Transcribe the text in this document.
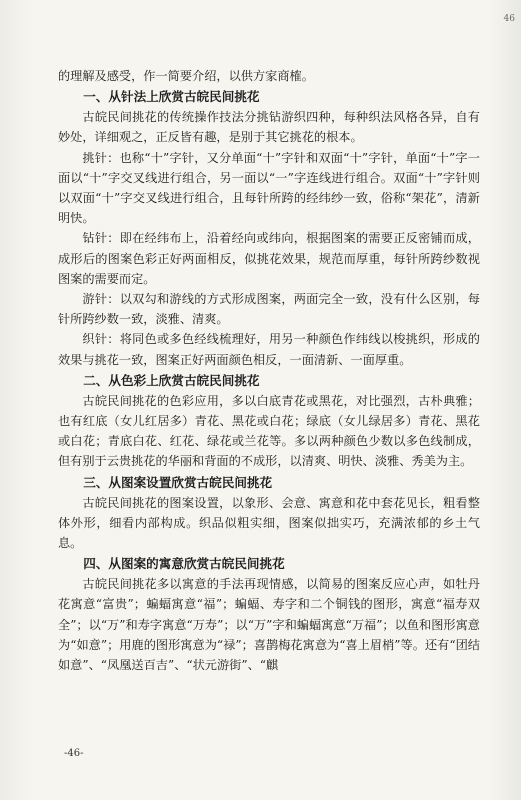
46

的理解及感受，作一简要介绍，以供方家商榷。

一、从针法上欣赏古皖民间挑花

古皖民间挑花的传统操作技法分挑钻游织四种，每种织法风格各异，自有妙处，详细观之，正反皆有趣，是别于其它挑花的根本。

挑针：也称“十”字针，又分单面“十”字针和双面“十”字针，单面“十”字一面以“十”字交叉线进行组合，另一面以“一”字连线进行组合。双面“十”字针则以双面“十”字交叉线进行组合，且每针所跨的经纬纱一致，俗称“架花”，清新明快。

钻针：即在经纬布上，沿着经向或纬向，根据图案的需要正反密铺而成，成形后的图案色彩正好两面相反，似挑花效果，规范而厚重，每针所跨纱数视图案的需要而定。

游针：以双勾和游线的方式形成图案，两面完全一致，没有什么区别，每针所跨纱数一致，淡雅、清爽。

织针：将同色或多色经线梳理好，用另一种颜色作纬线以梭挑织，形成的效果与挑花一致，图案正好两面颜色相反，一面清新、一面厚重。

二、从色彩上欣赏古皖民间挑花

古皖民间挑花的色彩应用，多以白底青花或黑花，对比强烈，古朴典雅；也有红底（女儿红居多）青花、黑花或白花；绿底（女儿绿居多）青花、黑花或白花；青底白花、红花、绿花或兰花等。多以两种颜色少数以多色线制成，但有别于云贵挑花的华丽和背面的不成形，以清爽、明快、淡雅、秀美为主。

三、从图案设置欣赏古皖民间挑花

古皖民间挑花的图案设置，以象形、会意、寓意和花中套花见长，粗看整体外形，细看内部构成。织品似粗实细，图案似拙实巧，充满浓郁的乡土气息。

四、从图案的寓意欣赏古皖民间挑花

古皖民间挑花多以寓意的手法再现情感，以简易的图案反应心声，如牡丹花寓意“富贵”；蝙蝠寓意“福”；蝙蝠、寿字和二个铜钱的图形，寓意“福寿双全”；以“万”和寿字寓意“万寿”；以“万”字和蝙蝠寓意“万福”；以鱼和图形寓意为“如意”；用鹿的图形寓意为“禄”；喜鹊梅花寓意为“喜上眉梢”等。还有“团结如意”、“凤凰送百吉”、“状元游街”、“麒

-46-
